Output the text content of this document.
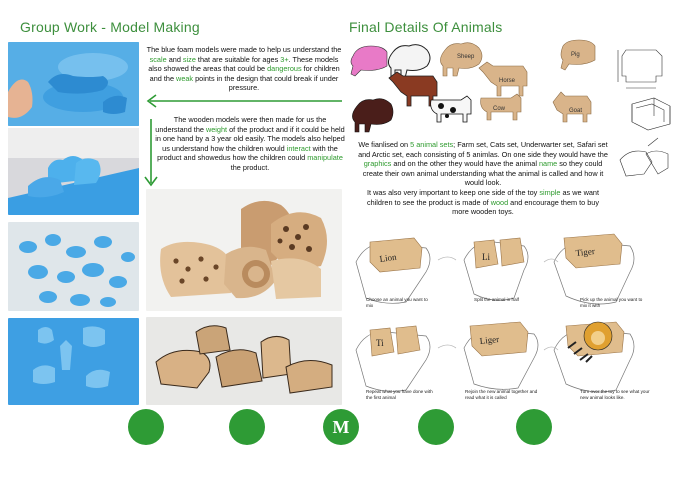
Group Work - Model Making
The blue foam models were made to help us understand the scale and size that are suitable for ages 3+. These models also showed the areas that could be dangerous for children and the weak points in the design that could break if under pressure.
The wooden models were then made for us the understand the weight of the product and if it could be held in one hand by a 3 year old easily. The models also helped us understand how the children would interact with the product and showedus how the children could manipulate the product.
Final Details Of Animals
Sheep	Pig
Horse
Cow	Goat
We fianlised on 5 animal sets; Farm set, Cats set, Underwarter set, Safari set and Arctic set, each consisting of 5 animlas. On one side they would have the graphics and on the other they would have the animal name so they could create their own animal understanding what the animal is called and how it would look.
It was also very important to keep one side of the toy simple as we want children to see the product is made of wood and encourage them to buy more wooden toys.
Lion	Li	Tiger
Ti	Liger
Choose an animal you want to mix
Split the animal in half	Pick up the animal you want to mix it with
Repeat what you have done with the first animal
Rejoin the new animal together and read what it is called
Turn over the toy to see what your new animal looks like.
M
